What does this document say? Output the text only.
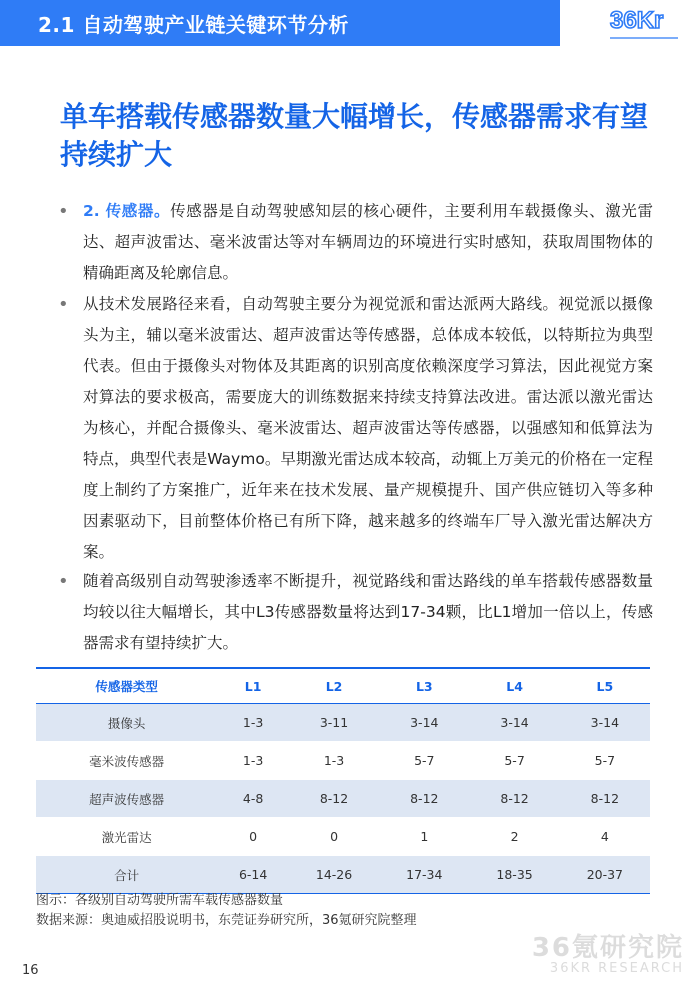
2.1 自动驾驶产业链关键环节分析	36Kr
单车搭载传感器数量大幅增长，传感器需求有望持续扩大
• 2. 传感器。传感器是自动驾驶感知层的核心硬件，主要利用车载摄像头、激光雷达、超声波雷达、毫米波雷达等对车辆周边的环境进行实时感知，获取周围物体的精确距离及轮廓信息。
• 从技术发展路径来看，自动驾驶主要分为视觉派和雷达派两大路线。视觉派以摄像头为主，辅以毫米波雷达、超声波雷达等传感器，总体成本较低，以特斯拉为典型代表。但由于摄像头对物体及其距离的识别高度依赖深度学习算法，因此视觉方案对算法的要求极高，需要庞大的训练数据来持续支持算法改进。雷达派以激光雷达为核心，并配合摄像头、毫米波雷达、超声波雷达等传感器，以强感知和低算法为特点，典型代表是Waymo。早期激光雷达成本较高，动辄上万美元的价格在一定程度上制约了方案推广，近年来在技术发展、量产规模提升、国产供应链切入等多种因素驱动下，目前整体价格已有所下降，越来越多的终端车厂导入激光雷达解决方案。
• 随着高级别自动驾驶渗透率不断提升，视觉路线和雷达路线的单车搭载传感器数量均较以往大幅增长，其中L3传感器数量将达到17-34颗，比L1增加一倍以上，传感器需求有望持续扩大。
传感器类型	L1	L2	L3	L4	L5
摄像头	1-3	3-11	3-14	3-14	3-14
毫米波传感器	1-3	1-3	5-7	5-7	5-7
超声波传感器	4-8	8-12	8-12	8-12	8-12
激光雷达	0	0	1	2	4
合计	6-14	14-26	17-34	18-35	20-37
图示：各级别自动驾驶所需车载传感器数量
数据来源：奥迪威招股说明书，东莞证券研究所，36氪研究院整理
36氪研究院
36KR RESEARCH
16
